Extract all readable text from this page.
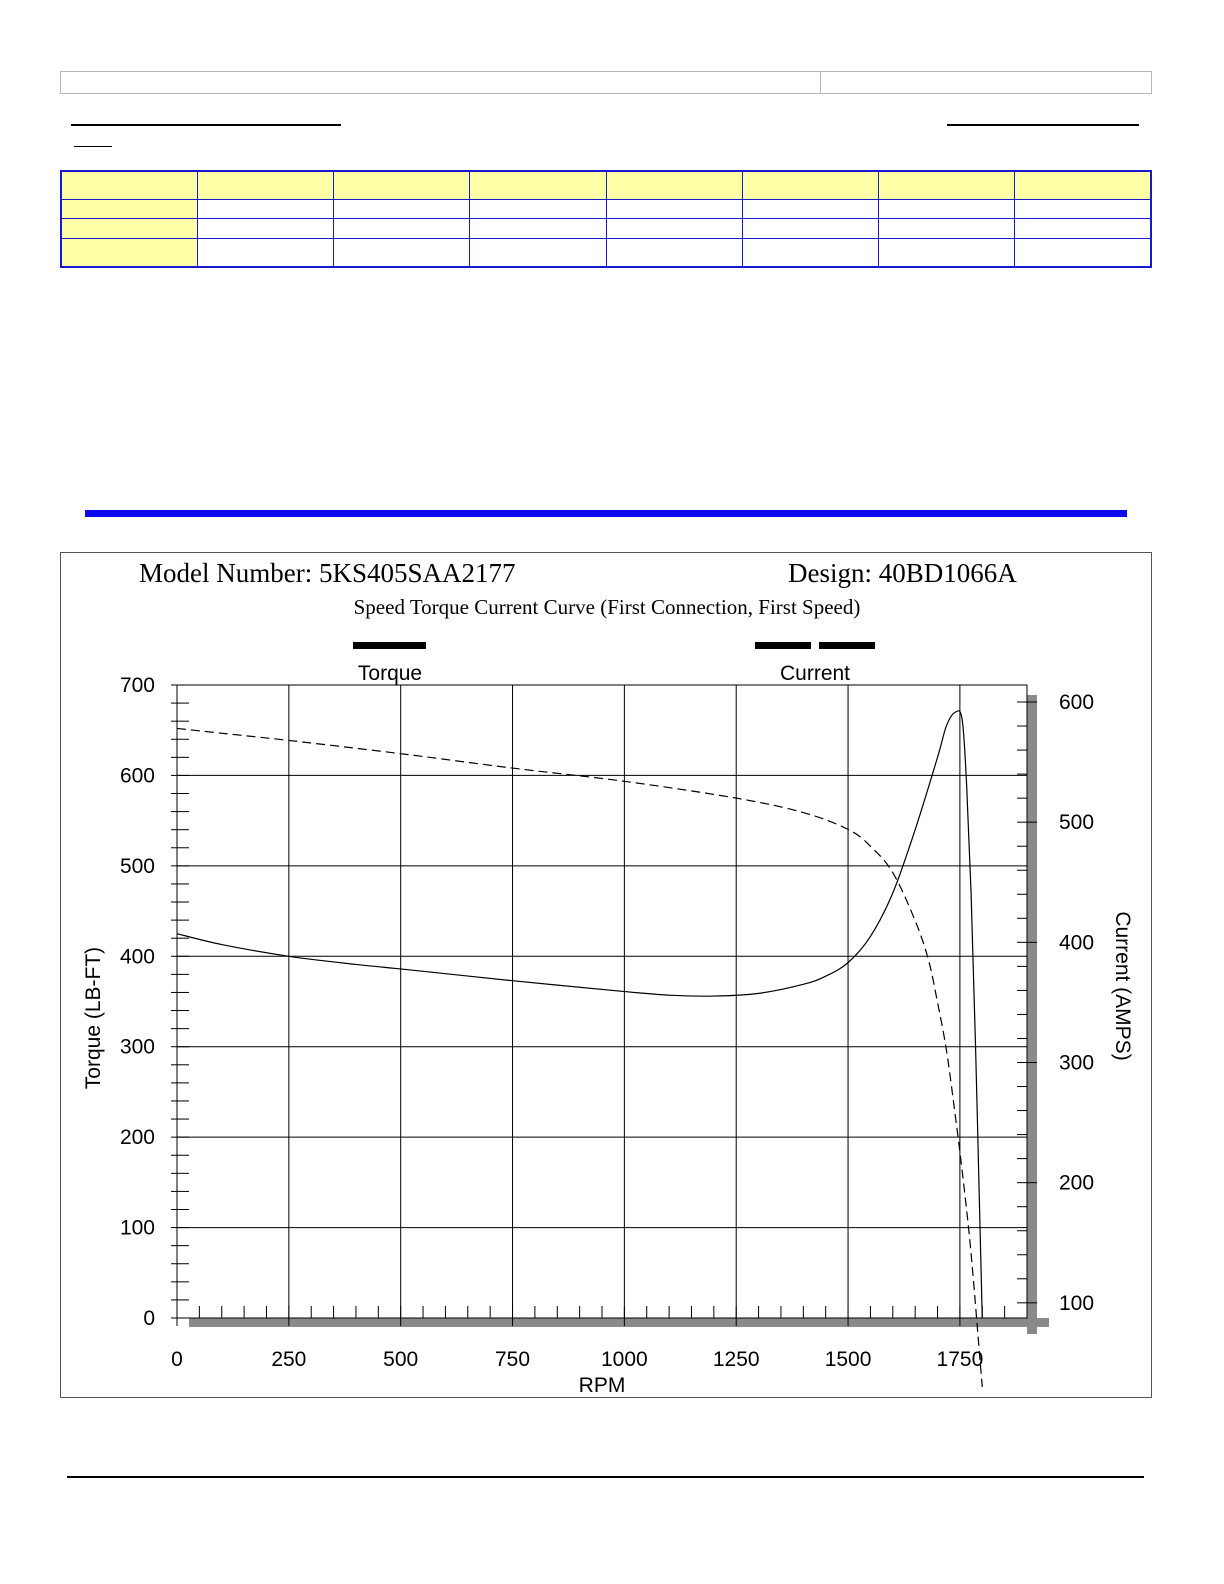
Model Number: 5KS405SAA2177	Design: 40BD1066A
Speed Torque Current Curve (First Connection, First Speed)
Torque	Current
0	250	500	750	1000	1250	1500	1750
0
100
200
300
400
500
600
700
100
200
300
400
500
600
RPM
Torque (LB-FT)	Current (AMPS)
